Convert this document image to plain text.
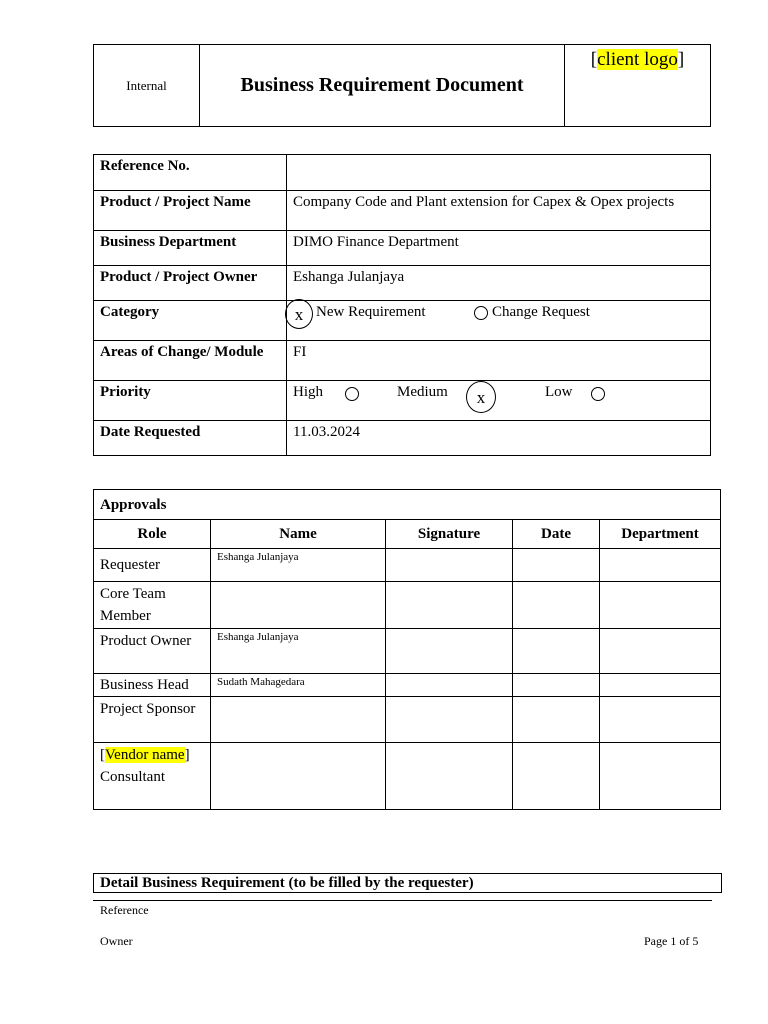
Internal	Business Requirement Document	[client logo]
Reference No.	
Product / Project Name	Company Code and Plant extension for Capex & Opex projects
Business Department	DIMO Finance Department
Product / Project Owner	Eshanga Julanjaya
Category	x New Requirement Change Request

Areas of Change/ Module	FI
Priority	High Medium x Low

Date Requested	11.03.2024
Approvals				
Role	Name	Signature	Date	Department
Requester	Eshanga Julanjaya			
Core Team Member				
Product Owner	Eshanga Julanjaya			
Business Head	Sudath Mahagedara			
Project Sponsor				
[Vendor name]
Consultant				
Detail Business Requirement (to be filled by the requester)
Reference
Owner	Page 1 of 5
